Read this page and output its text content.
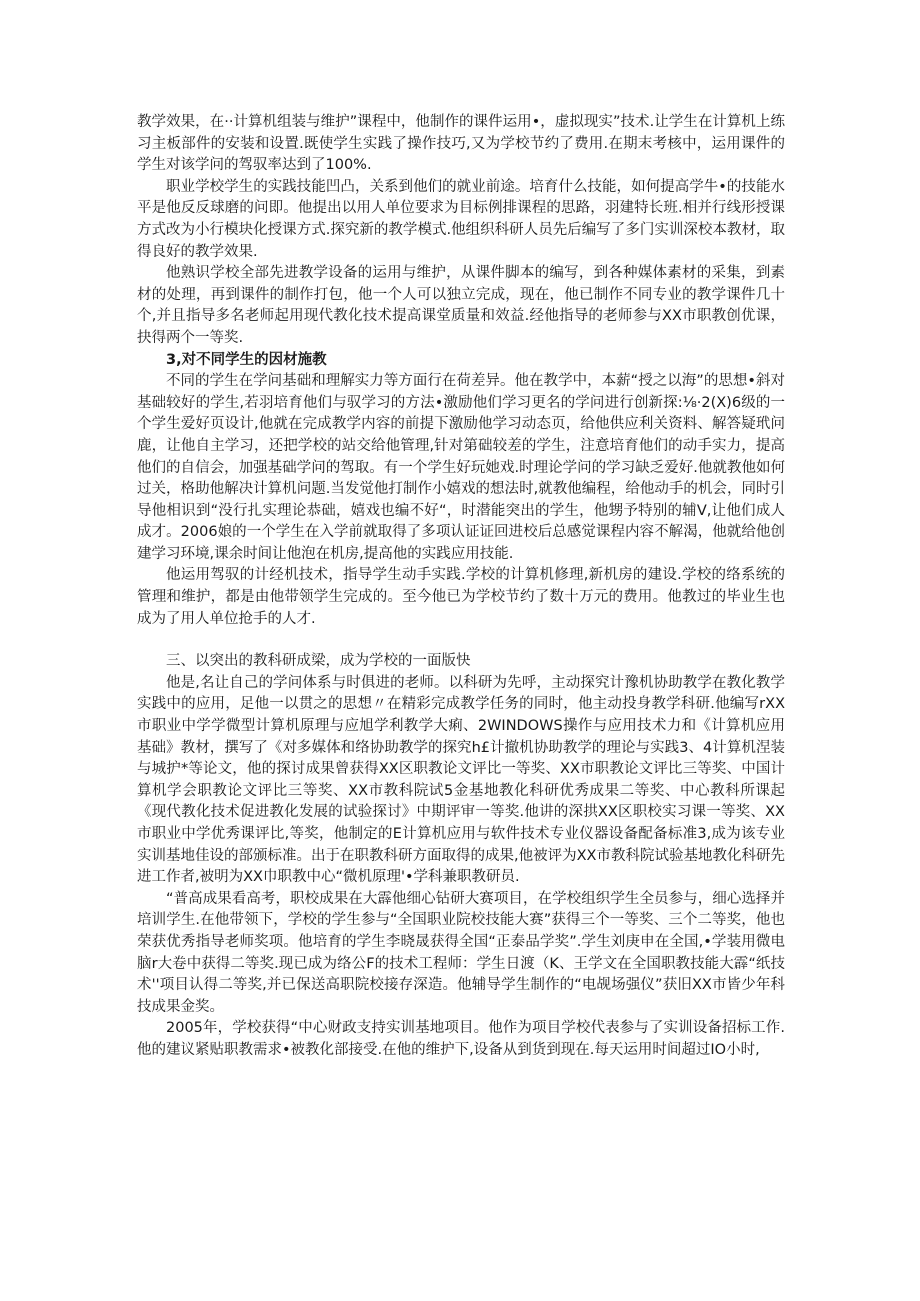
教学效果，在··计算机组装与维护”课程中，他制作的课件运用•，虚拟现实”技术.让学生在计算机上练习主板部件的安装和设置.既使学生实践了操作技巧,又为学校节约了费用.在期末考核中，运用课件的学生对该学问的驾驭率达到了100%.

职业学校学生的实践技能凹凸，关系到他们的就业前途。培育什么技能，如何提高学牛•的技能水平是他反反球磨的问即。他提出以用人单位要求为目标例排课程的思路，羽建特长班.相并行线形授课方式改为小行模块化授课方式.探究新的教学模式.他组织科研人员先后编写了多门实训深校本教材，取得良好的教学效果.

他熟识学校全部先进教学设备的运用与维护，从课件脚本的编写，到各种媒体素材的采集，到素材的处理，再到课件的制作打包，他一个人可以独立完成，现在，他已制作不同专业的教学课件几十个,并且指导多名老师起用现代教化技术提高课堂质量和效益.经他指导的老师参与XX市职教创优课，抉得两个一等奖.

3,对不同学生的因材施教

不同的学生在学问基础和理解实力等方面行在荷差异。他在教学中，本薪“授之以海”的思想•斜对基础较好的学生,若羽培育他们与驭学习的方法•激励他们学习更名的学问进行创新探:⅛·2(X)6级的一个学生爱好页设计,他就在完成教学内容的前提下激励他学习动态页，给他供应利关资料、解答疑玳问鹿，让他自主学习，还把学校的站交给他管理,针对第础较差的学生，注意培育他们的动手实力，提高他们的自信会，加强基础学问的驾取。有一个学生好玩她戏.时理论学问的学习缺乏爱好.他就教他如何过关，格助他解决计算机问题.当发觉他打制作小嬉戏的想法时,就教他编程，给他动手的机会，同时引导他相识到“没行扎实理论恭础，嬉戏也编不好“，时潜能突出的学生，他甥予特别的辅V,让他们成人成才。2006娘的一个学生在入学前就取得了多项认证证回进校后总感觉课程内容不解渴，他就给他创建学习环境,课余时间让他泡在机房,提高他的实践应用技能.

他运用驾驭的计经机技术，指导学生动手实践.学校的计算机修理,新机房的建设.学校的络系统的管理和维护，都是由他带领学生完成的。至今他已为学校节约了数十万元的费用。他教过的毕业生也成为了用人单位抢手的人才.

三、以突出的教科研成梁，成为学校的一面版快

他是,名让自己的学问体系与时俱进的老师。以科研为先呼，主动探究计豫机协助教学在教化教学实践中的应用，足他一以贯之的思想〃在精彩完成教学任务的同时，他主动投身教学科研.他编写rXX市职业中学学微型计算机原理与应旭学利教学大痢、2WINDOWS操作与应用技术力和《计算机应用基础》教材，撰写了《对多媒体和络协助教学的探究h£计撤机协助教学的理论与实践3、4计算机涅装与城护*等论文，他的探讨成果曾获得XX区职教论文评比一等奖、XX市职教论文评比三等奖、中国计算机学会职教论文评比三等奖、XX市教科院试5金基地教化科研优秀成果二等奖、中心教科所课起《现代教化技术促进教化发展的试验探讨》中期评审一等奖.他讲的深拱XX区职校实习课一等奖、XX市职业中学优秀课评比,等奖，他制定的E计算机应用与软件技术专业仪器设备配备标准3,成为该专业实训基地佳设的部颁标准。出于在职教科研方面取得的成果,他被评为XX市教科院试验基地教化科研先进工作者,被明为XX巾职教中心“微机原理'•学科兼职教研员.

“普高成果看高考，职校成果在大霹他细心钻研大赛项目，在学校组织学生全员参与，细心选择并培训学生.在他带领下，学校的学生参与“全国职业院校技能大赛”获得三个一等奖、三个二等奖，他也荣获优秀指导老师奖项。他培育的学生李晓晟获得全国“正泰品学奖”.学生刘庚申在全国,•学装用微电脑r大卷中获得二等奖.现已成为络公F的技术工程师：学生日渡（K、王学文在全国职教技能大霹“纸技术''项目认得二等奖,并已保送高职院校接存深造。他辅导学生制作的“电觇场强仪”获旧XX市皆少年科技成果金奖。

2005年，学校获得“中心财政支持实训基地项目。他作为项目学校代表参与了实训设备招标工作.他的建议紧贴职教需求•被教化部接受.在他的维护下,设备从到货到现在.每天运用时间超过IO小时,
